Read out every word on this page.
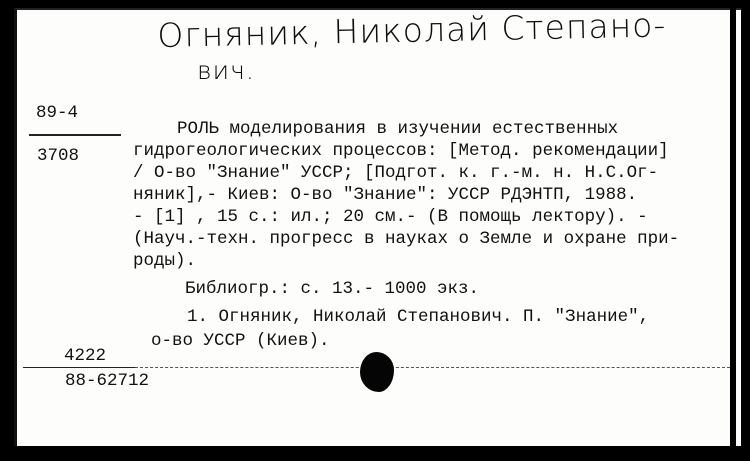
Огняник, Николай Степано-
вич.
89-4
3708
РОЛЬ моделирования в изучении естественных
гидрогеологических процессов: [Метод. рекомендации]
/ О-во "Знание" УССР; [Подгот. к. г.-м. н. Н.С.Ог-
няник],- Киев: О-во "Знание": УССР РДЭНТП, 1988.
- [1] , 15 с.: ил.; 20 см.- (В помощь лектору). -
(Науч.-техн. прогресс в науках о Земле и охране при-
роды).
Библиогр.: с. 13.- 1000 экз.
1. Огняник, Николай Степанович. П. "Знание",
о-во УССР (Киев).
4222
88-62712
